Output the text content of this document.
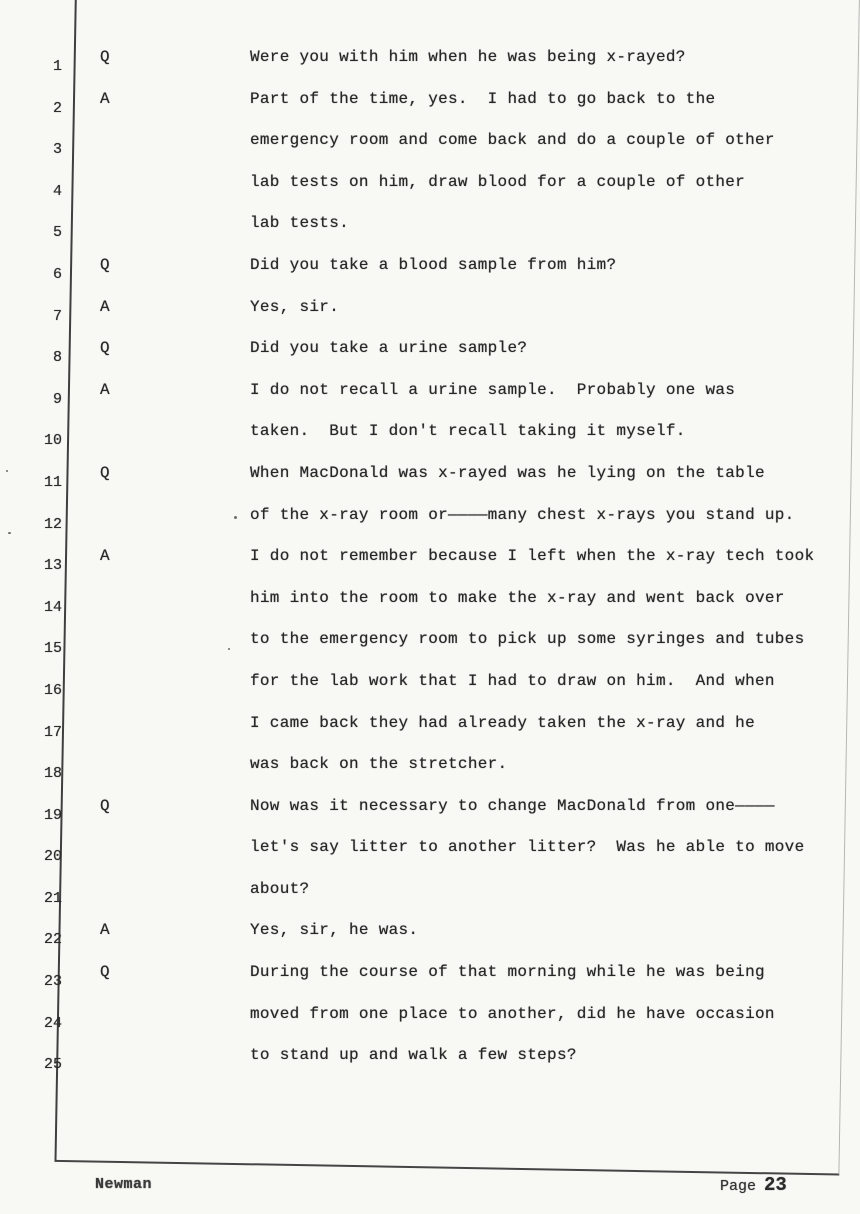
1
Q	Were you with him when he was being x-rayed?
2
A	Part of the time, yes.  I had to go back to the
3
emergency room and come back and do a couple of other
4
lab tests on him, draw blood for a couple of other
5
lab tests.
6
Q	Did you take a blood sample from him?
7
A	Yes, sir.
8
Q	Did you take a urine sample?
9
A	I do not recall a urine sample.  Probably one was
10
taken.  But I don't recall taking it myself.
11
Q	When MacDonald was x-rayed was he lying on the table
12
of the x-ray room or————many chest x-rays you stand up.
13
A	I do not remember because I left when the x-ray tech took
14
him into the room to make the x-ray and went back over
15
to the emergency room to pick up some syringes and tubes
16
for the lab work that I had to draw on him.  And when
17
I came back they had already taken the x-ray and he
18
was back on the stretcher.
19
Q	Now was it necessary to change MacDonald from one————
20
let's say litter to another litter?  Was he able to move
21
about?
22
A	Yes, sir, he was.
23
Q	During the course of that morning while he was being
24
moved from one place to another, did he have occasion
25
to stand up and walk a few steps?
Newman	Page 23
